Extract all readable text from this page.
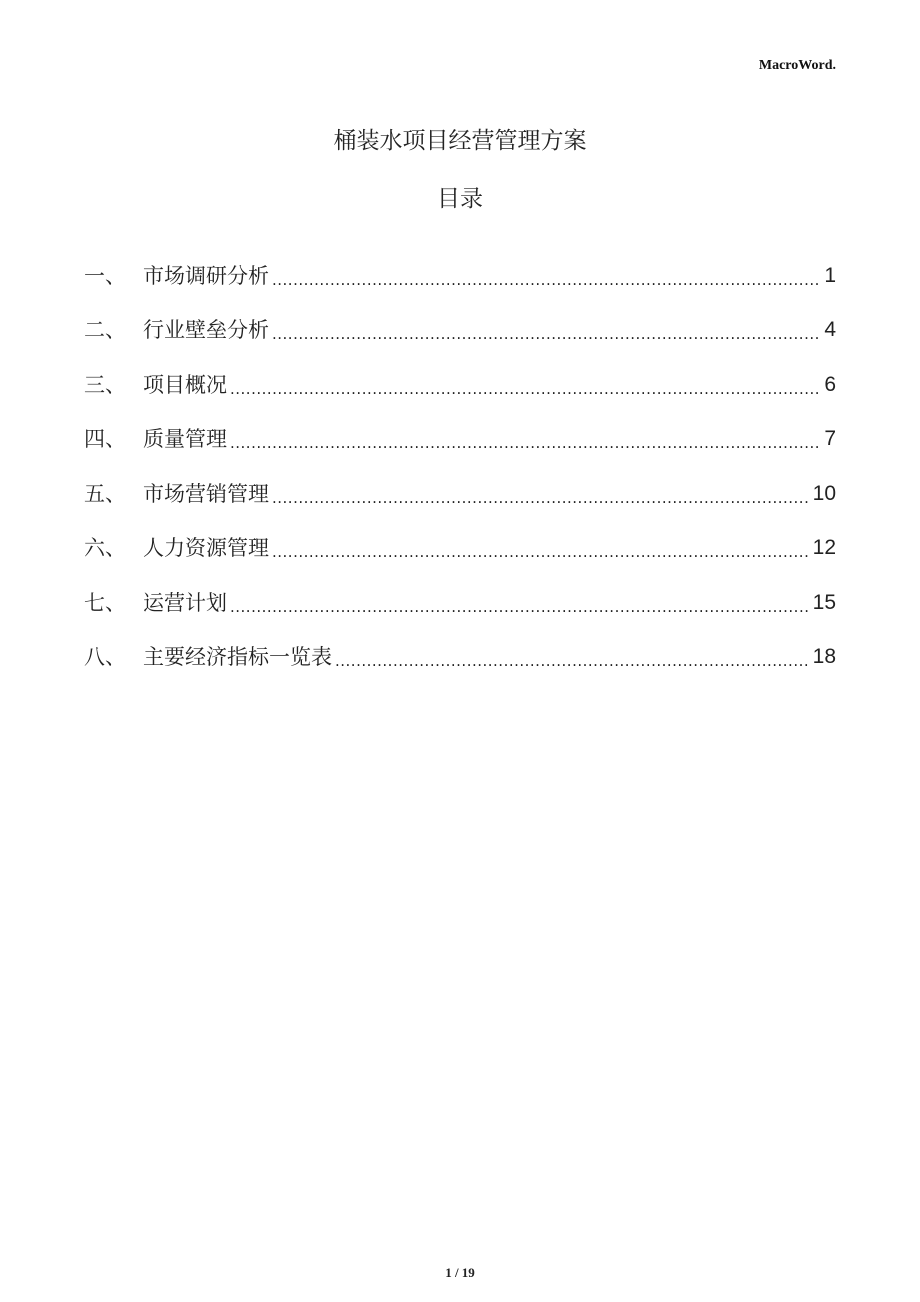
MacroWord.
桶装水项目经营管理方案
目录
一、 市场调研分析 .....	1
二、 行业壁垒分析 .....	4
三、 项目概况 .....	6
四、 质量管理 .....	7
五、 市场营销管理 .....	10
六、 人力资源管理 .....	12
七、 运营计划 .....	15
八、 主要经济指标一览表 .....	18
1 / 19
